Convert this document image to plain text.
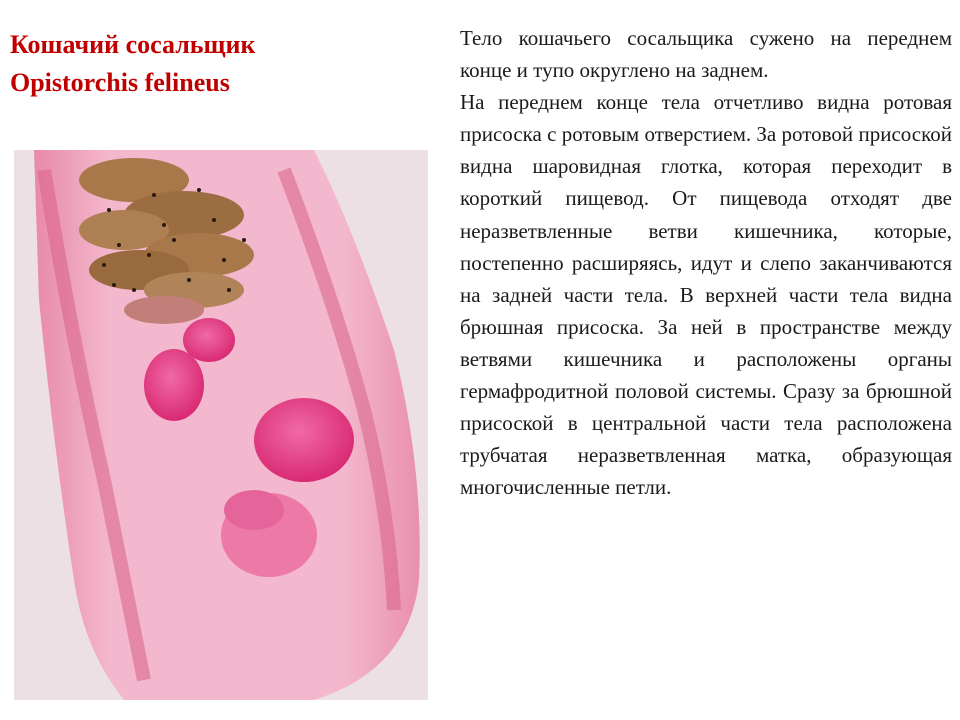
Кошачий сосальщик
Opistorchis felineus

Тело кошачьего сосальщика сужено на переднем конце и тупо округлено на заднем.

На переднем конце тела отчетливо видна ротовая присоска с ротовым отверстием. За ротовой присоской видна шаровидная глотка, которая переходит в короткий пищевод. От пищевода отходят две неразветвленные ветви кишечника, которые, постепенно расширяясь, идут и слепо заканчиваются на задней части тела. В верхней части тела видна брюшная присоска. За ней в пространстве между ветвями кишечника и расположены органы гермафродитной половой системы. Сразу за брюшной присоской в центральной части тела расположена трубчатая неразветвленная матка, образующая многочисленные петли.
